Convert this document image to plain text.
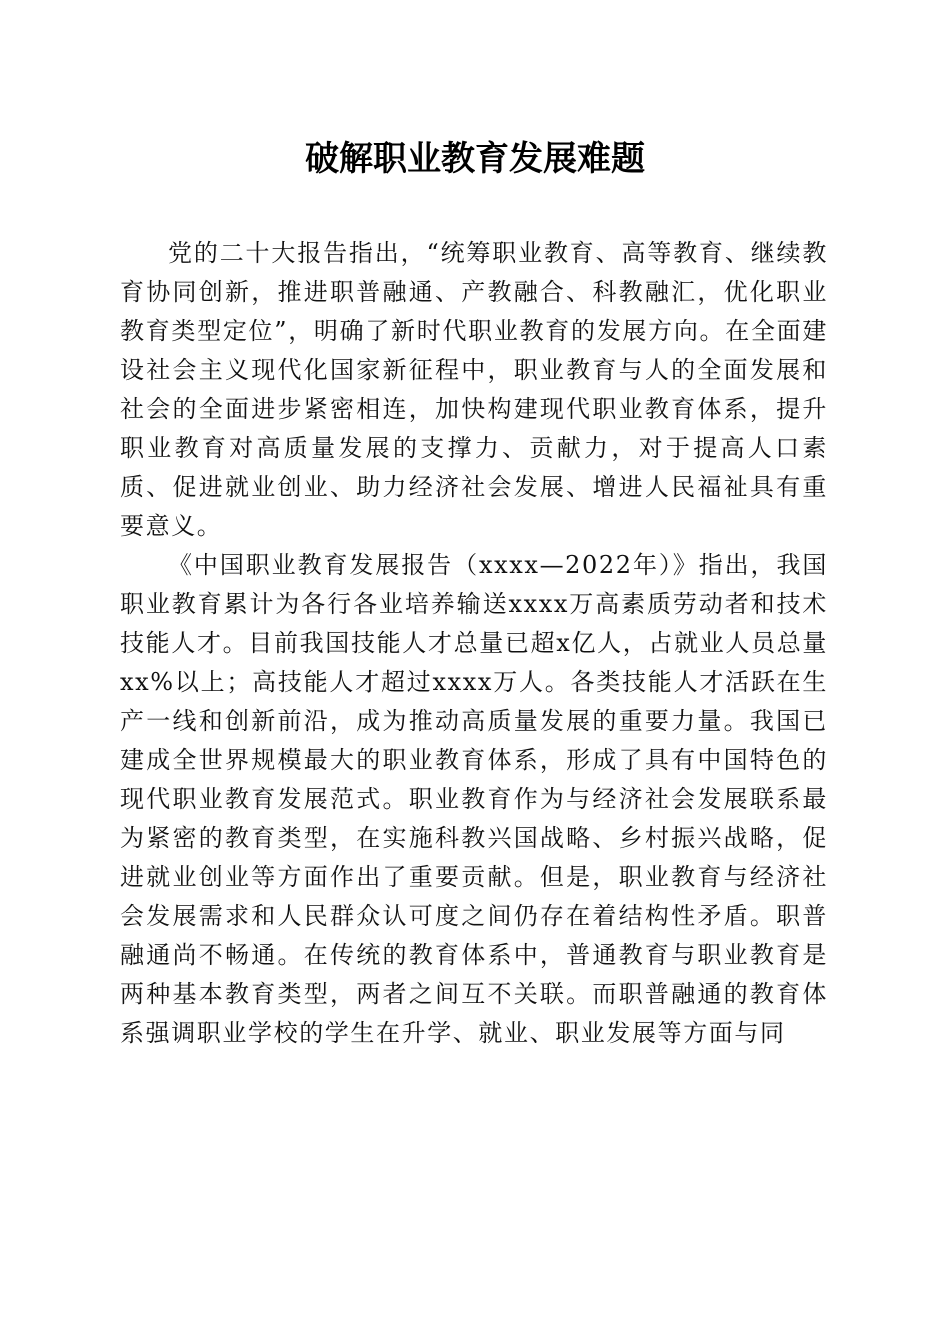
破解职业教育发展难题

党的二十大报告指出，“统筹职业教育、高等教育、继续教育协同创新，推进职普融通、产教融合、科教融汇，优化职业教育类型定位”，明确了新时代职业教育的发展方向。在全面建设社会主义现代化国家新征程中，职业教育与人的全面发展和社会的全面进步紧密相连，加快构建现代职业教育体系，提升职业教育对高质量发展的支撑力、贡献力，对于提高人口素质、促进就业创业、助力经济社会发展、增进人民福祉具有重要意义。

《中国职业教育发展报告（xxxx—2022年）》指出，我国职业教育累计为各行各业培养输送xxxx万高素质劳动者和技术技能人才。目前我国技能人才总量已超x亿人，占就业人员总量xx%以上；高技能人才超过xxxx万人。各类技能人才活跃在生产一线和创新前沿，成为推动高质量发展的重要力量。我国已建成全世界规模最大的职业教育体系，形成了具有中国特色的现代职业教育发展范式。职业教育作为与经济社会发展联系最为紧密的教育类型，在实施科教兴国战略、乡村振兴战略，促进就业创业等方面作出了重要贡献。但是，职业教育与经济社会发展需求和人民群众认可度之间仍存在着结构性矛盾。职普融通尚不畅通。在传统的教育体系中，普通教育与职业教育是两种基本教育类型，两者之间互不关联。而职普融通的教育体系强调职业学校的学生在升学、就业、职业发展等方面与同
